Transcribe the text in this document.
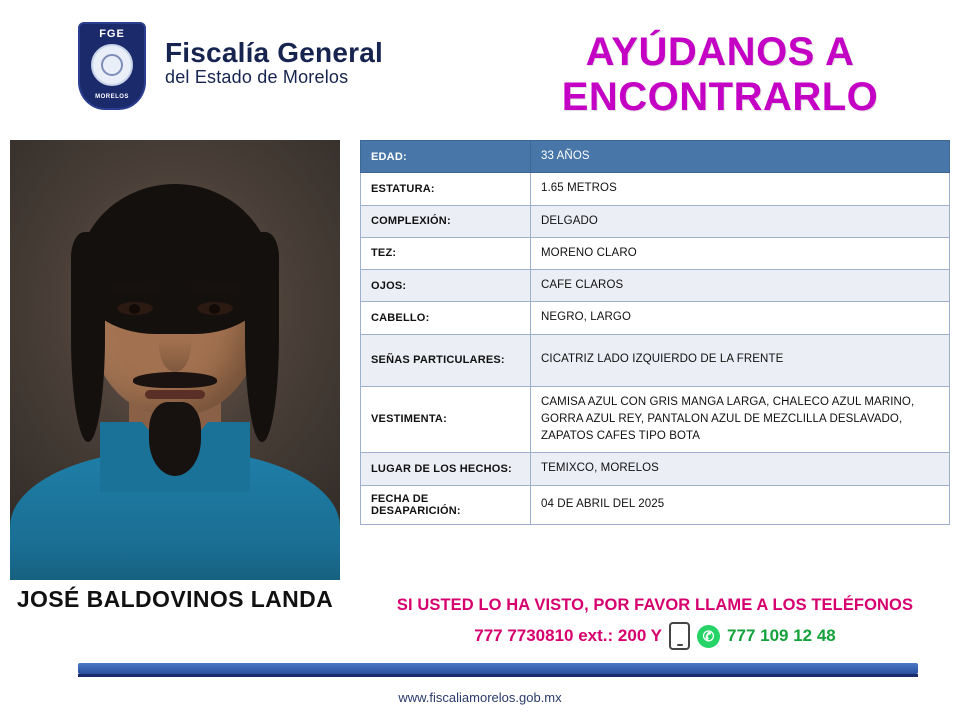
FGE
MORELOS
Fiscalía General
del Estado de Morelos
AYÚDANOS A ENCONTRARLO
JOSÉ BALDOVINOS LANDA
EDAD:	33 AÑOS
ESTATURA:	1.65 METROS
COMPLEXIÓN:	DELGADO
TEZ:	MORENO CLARO
OJOS:	CAFE CLAROS
CABELLO:	NEGRO, LARGO
SEÑAS PARTICULARES:	CICATRIZ LADO IZQUIERDO DE LA FRENTE
VESTIMENTA:	CAMISA AZUL CON GRIS MANGA LARGA, CHALECO AZUL MARINO, GORRA AZUL REY, PANTALON AZUL DE MEZCLILLA DESLAVADO, ZAPATOS CAFES TIPO BOTA
LUGAR DE LOS HECHOS:	TEMIXCO, MORELOS
FECHA DE DESAPARICIÓN:	04 DE ABRIL DEL 2025
SI USTED LO HA VISTO, POR FAVOR LLAME A LOS TELÉFONOS
777 7730810 ext.: 200 Y	✆ 777 109 12 48
www.fiscaliamorelos.gob.mx
